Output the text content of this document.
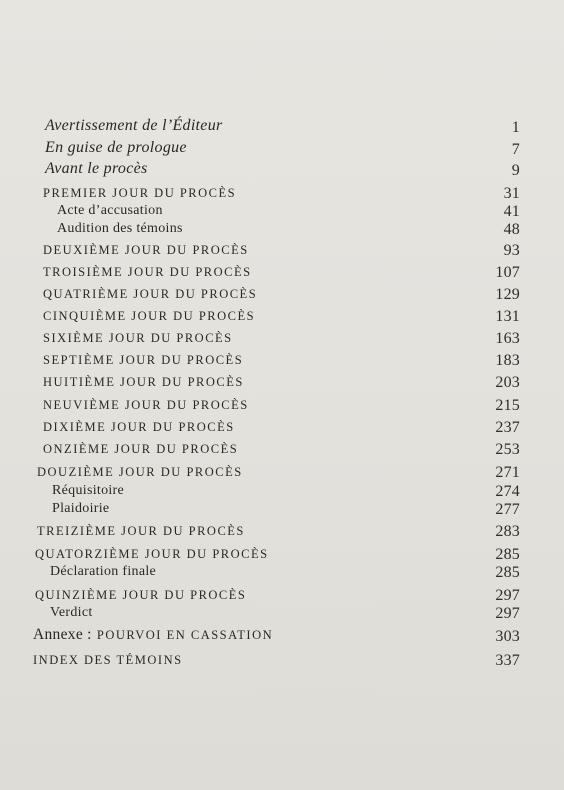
Avertissement de l’Éditeur	1
En guise de prologue	7
Avant le procès	9
PREMIER JOUR DU PROCÈS	31
Acte d’accusation	41
Audition des témoins	48
DEUXIÈME JOUR DU PROCÈS	93
TROISIÈME JOUR DU PROCÈS	107
QUATRIÈME JOUR DU PROCÈS	129
CINQUIÈME JOUR DU PROCÈS	131
SIXIÈME JOUR DU PROCÈS	163
SEPTIÈME JOUR DU PROCÈS	183
HUITIÈME JOUR DU PROCÈS	203
NEUVIÈME JOUR DU PROCÈS	215
DIXIÈME JOUR DU PROCÈS	237
ONZIÈME JOUR DU PROCÈS	253
DOUZIÈME JOUR DU PROCÈS	271
Réquisitoire	274
Plaidoirie	277
TREIZIÈME JOUR DU PROCÈS	283
QUATORZIÈME JOUR DU PROCÈS	285
Déclaration finale	285
QUINZIÈME JOUR DU PROCÈS	297
Verdict	297
Annexe : POURVOI EN CASSATION	303
INDEX DES TÉMOINS	337
